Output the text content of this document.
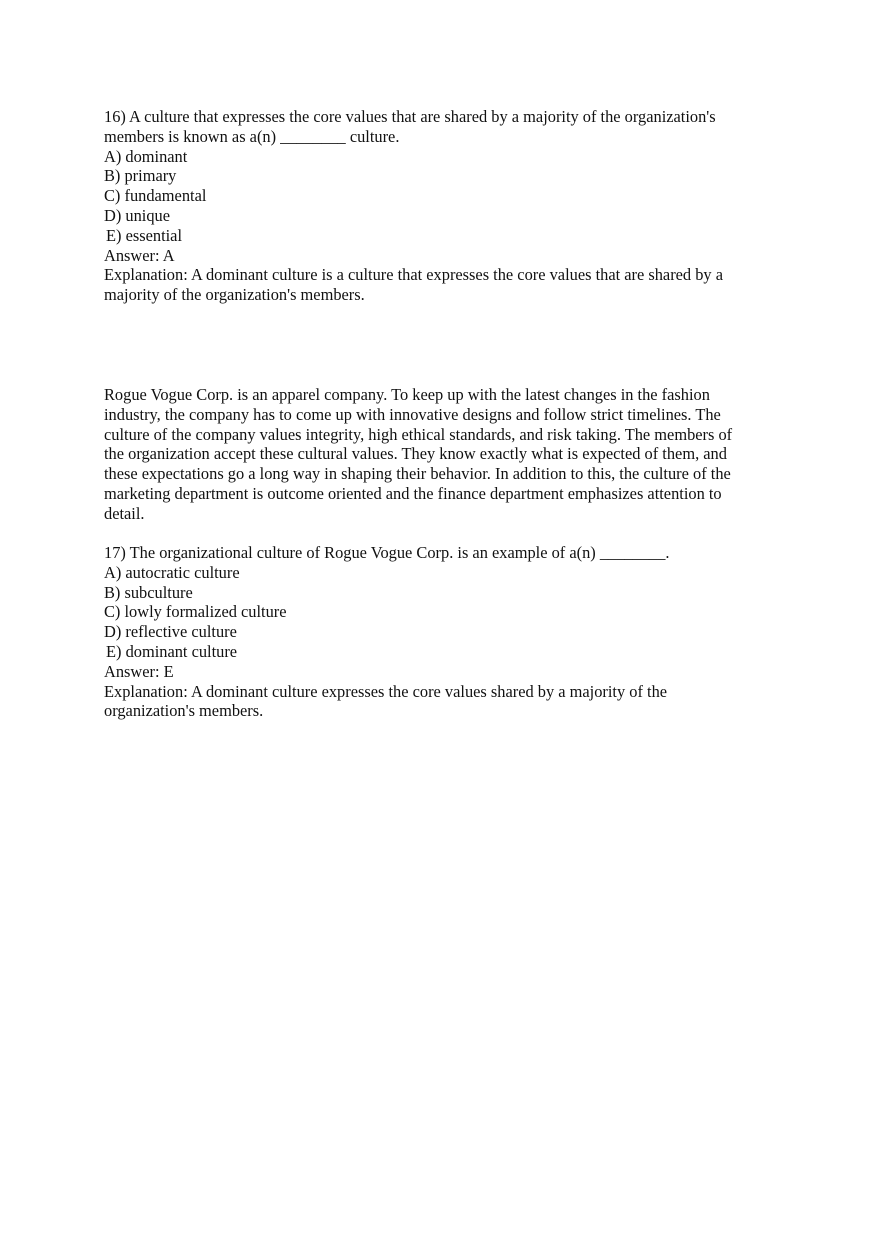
16) A culture that expresses the core values that are shared by a majority of the organization's
members is known as a(n) ________ culture.
A) dominant
B) primary
C) fundamental
D) unique
E) essential
Answer: A
Explanation: A dominant culture is a culture that expresses the core values that are shared by a
majority of the organization's members.
Rogue Vogue Corp. is an apparel company. To keep up with the latest changes in the fashion
industry, the company has to come up with innovative designs and follow strict timelines. The
culture of the company values integrity, high ethical standards, and risk taking. The members of
the organization accept these cultural values. They know exactly what is expected of them, and
these expectations go a long way in shaping their behavior. In addition to this, the culture of the
marketing department is outcome oriented and the finance department emphasizes attention to
detail.
17) The organizational culture of Rogue Vogue Corp. is an example of a(n) ________.
A) autocratic culture
B) subculture
C) lowly formalized culture
D) reflective culture
E) dominant culture
Answer: E
Explanation: A dominant culture expresses the core values shared by a majority of the
organization's members.
